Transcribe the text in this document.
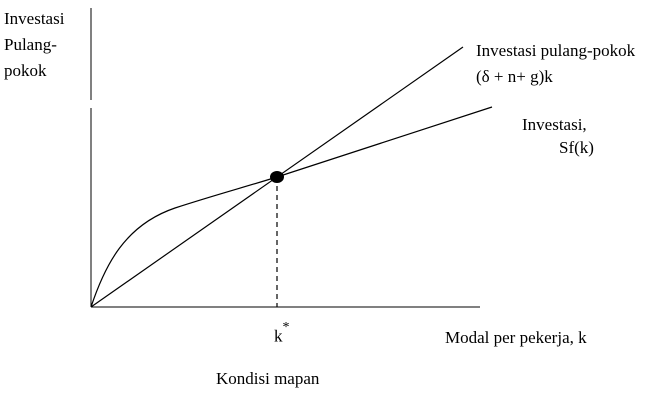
Investasi
Pulang-
pokok
Investasi pulang-pokok
(δ + n+ g)k
Investasi,
Sf(k)
k*
Modal per pekerja, k
Kondisi mapan
